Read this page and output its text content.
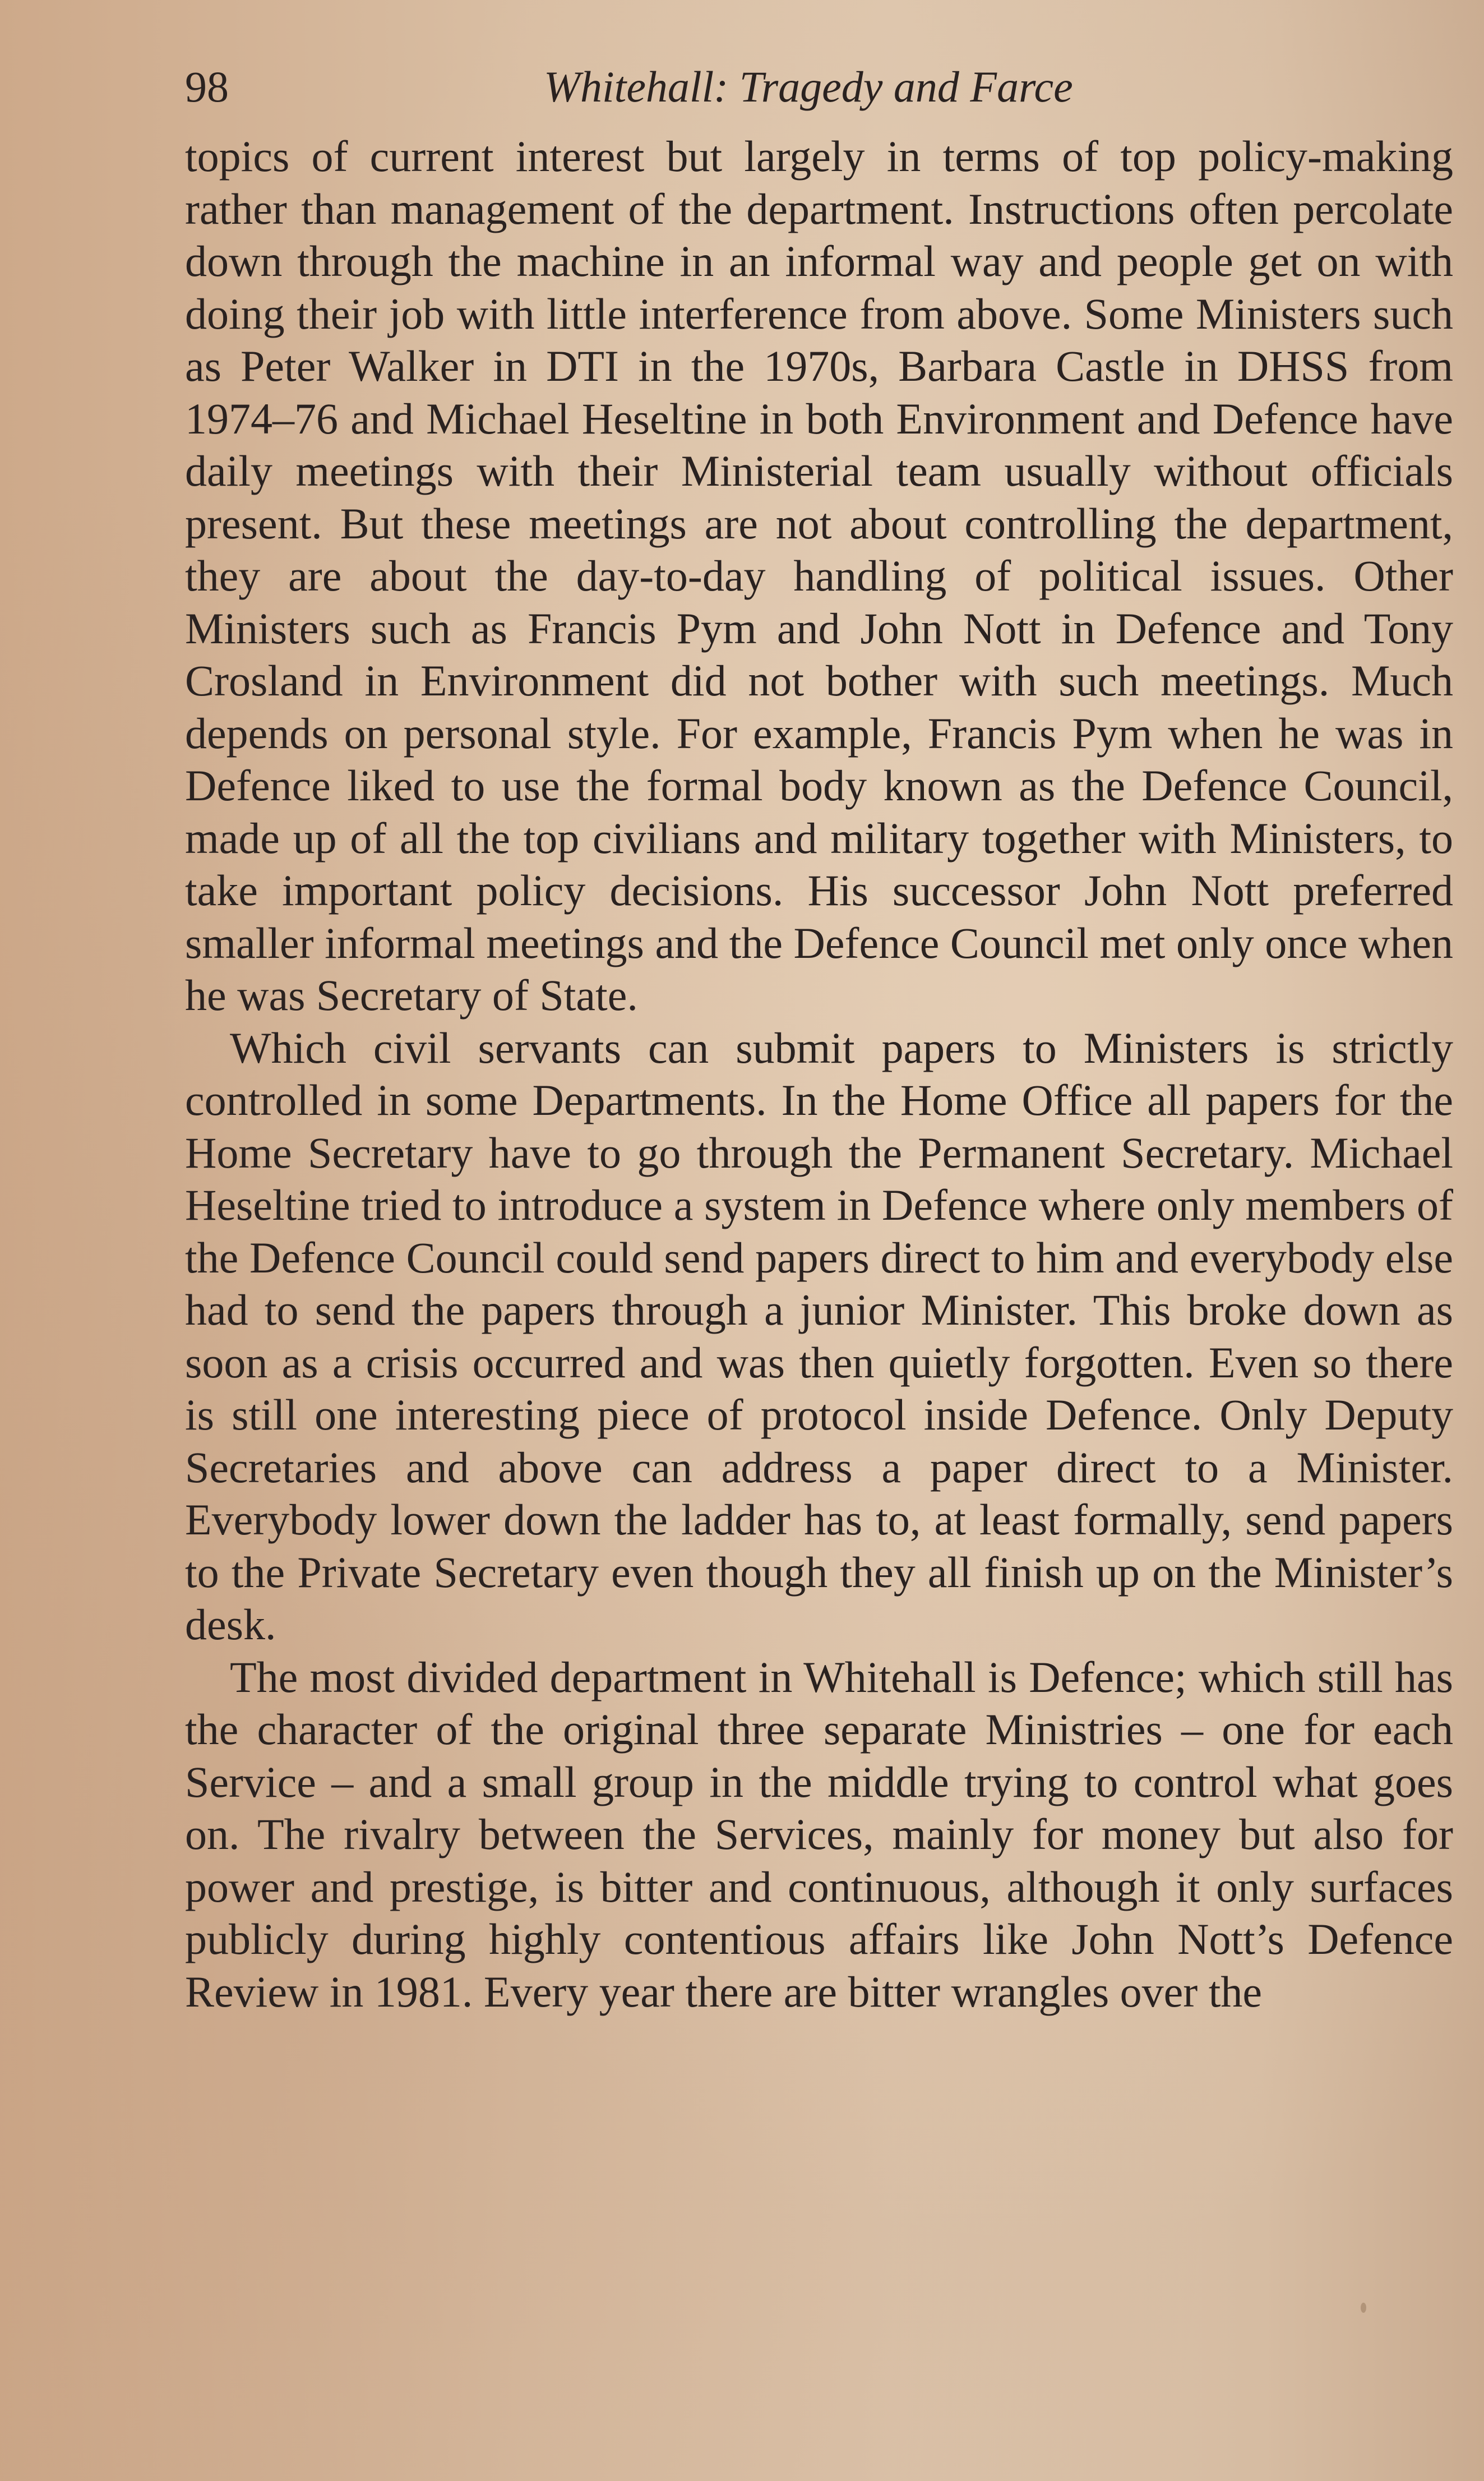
98	Whitehall: Tragedy and Farce

topics of current interest but largely in terms of top policy-making rather than management of the department. Instructions often percolate down through the machine in an informal way and people get on with doing their job with little interference from above. Some Ministers such as Peter Walker in DTI in the 1970s, Barbara Castle in DHSS from 1974–76 and Michael Heseltine in both Environment and Defence have daily meetings with their Ministerial team usually without officials present. But these meetings are not about controlling the department, they are about the day-to-day handling of political issues. Other Ministers such as Francis Pym and John Nott in Defence and Tony Crosland in Environment did not bother with such meetings. Much depends on personal style. For example, Francis Pym when he was in Defence liked to use the formal body known as the Defence Council, made up of all the top civilians and military together with Ministers, to take important policy decisions. His successor John Nott preferred smaller informal meetings and the Defence Council met only once when he was Secretary of State.

Which civil servants can submit papers to Ministers is strictly controlled in some Departments. In the Home Office all papers for the Home Secretary have to go through the Permanent Secretary. Michael Heseltine tried to introduce a system in Defence where only members of the Defence Council could send papers direct to him and everybody else had to send the papers through a junior Minister. This broke down as soon as a crisis occurred and was then quietly forgotten. Even so there is still one interesting piece of protocol inside Defence. Only Deputy Secretaries and above can address a paper direct to a Minister. Everybody lower down the ladder has to, at least formally, send papers to the Private Secretary even though they all finish up on the Minister’s desk.

The most divided department in Whitehall is Defence; which still has the character of the original three separate Ministries – one for each Service – and a small group in the middle trying to control what goes on. The rivalry between the Services, mainly for money but also for power and prestige, is bitter and continuous, although it only surfaces publicly during highly contentious affairs like John Nott’s Defence Review in 1981. Every year there are bitter wrangles over the
